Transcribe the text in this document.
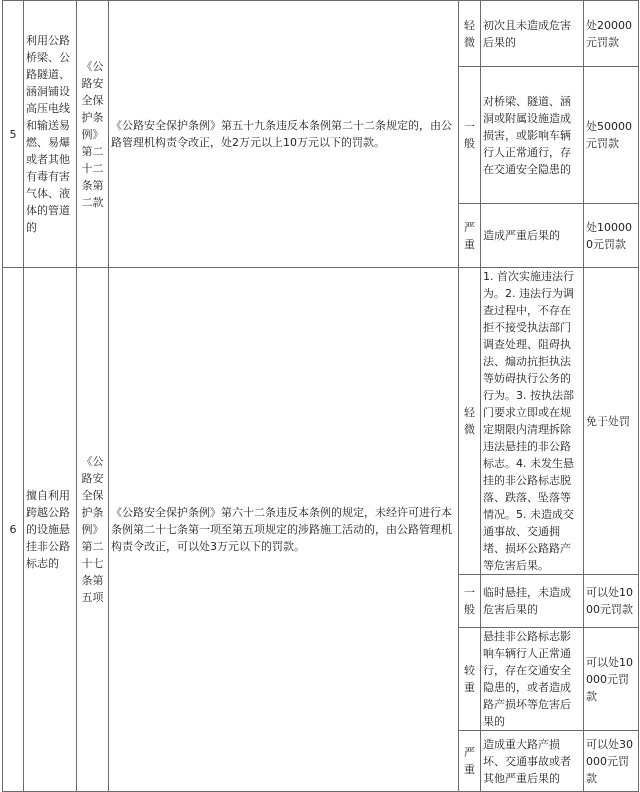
5	利用公路桥梁、公路隧道、涵洞铺设高压电线和输送易燃、易爆或者其他有毒有害气体、液体的管道的	《公路安全保护条例》第二十二条第二款	《公路安全保护条例》第五十九条违反本条例第二十二条规定的，由公路管理机构责令改正，处2万元以上10万元以下的罚款。	轻微	初次且未造成危害后果的	处20000元罚款
				一般	对桥梁、隧道、涵洞或附属设施造成损害，或影响车辆行人正常通行，存在交通安全隐患的	处50000元罚款
				严重	造成严重后果的	处100000元罚款
6	擅自利用跨越公路的设施悬挂非公路标志的	《公路安全保护条例》第二十七条第五项	《公路安全保护条例》第六十二条违反本条例的规定，未经许可进行本条例第二十七条第一项至第五项规定的涉路施工活动的，由公路管理机构责令改正，可以处3万元以下的罚款。	轻微	1. 首次实施违法行为。2. 违法行为调查过程中，不存在拒不接受执法部门调查处理、阻碍执法、煽动抗拒执法等妨碍执行公务的行为。3. 按执法部门要求立即或在规定期限内清理拆除违法悬挂的非公路标志。4. 未发生悬挂的非公路标志脱落、跌落、坠落等情况。5. 未造成交通事故、交通拥堵、损坏公路路产等危害后果。	免于处罚
				一般	临时悬挂，未造成危害后果的	可以处1000元罚款
				较重	悬挂非公路标志影响车辆行人正常通行，存在交通安全隐患的，或者造成路产损坏等危害后果的	可以处10000元罚款
				严重	造成重大路产损坏、交通事故或者其他严重后果的	可以处30000元罚款
